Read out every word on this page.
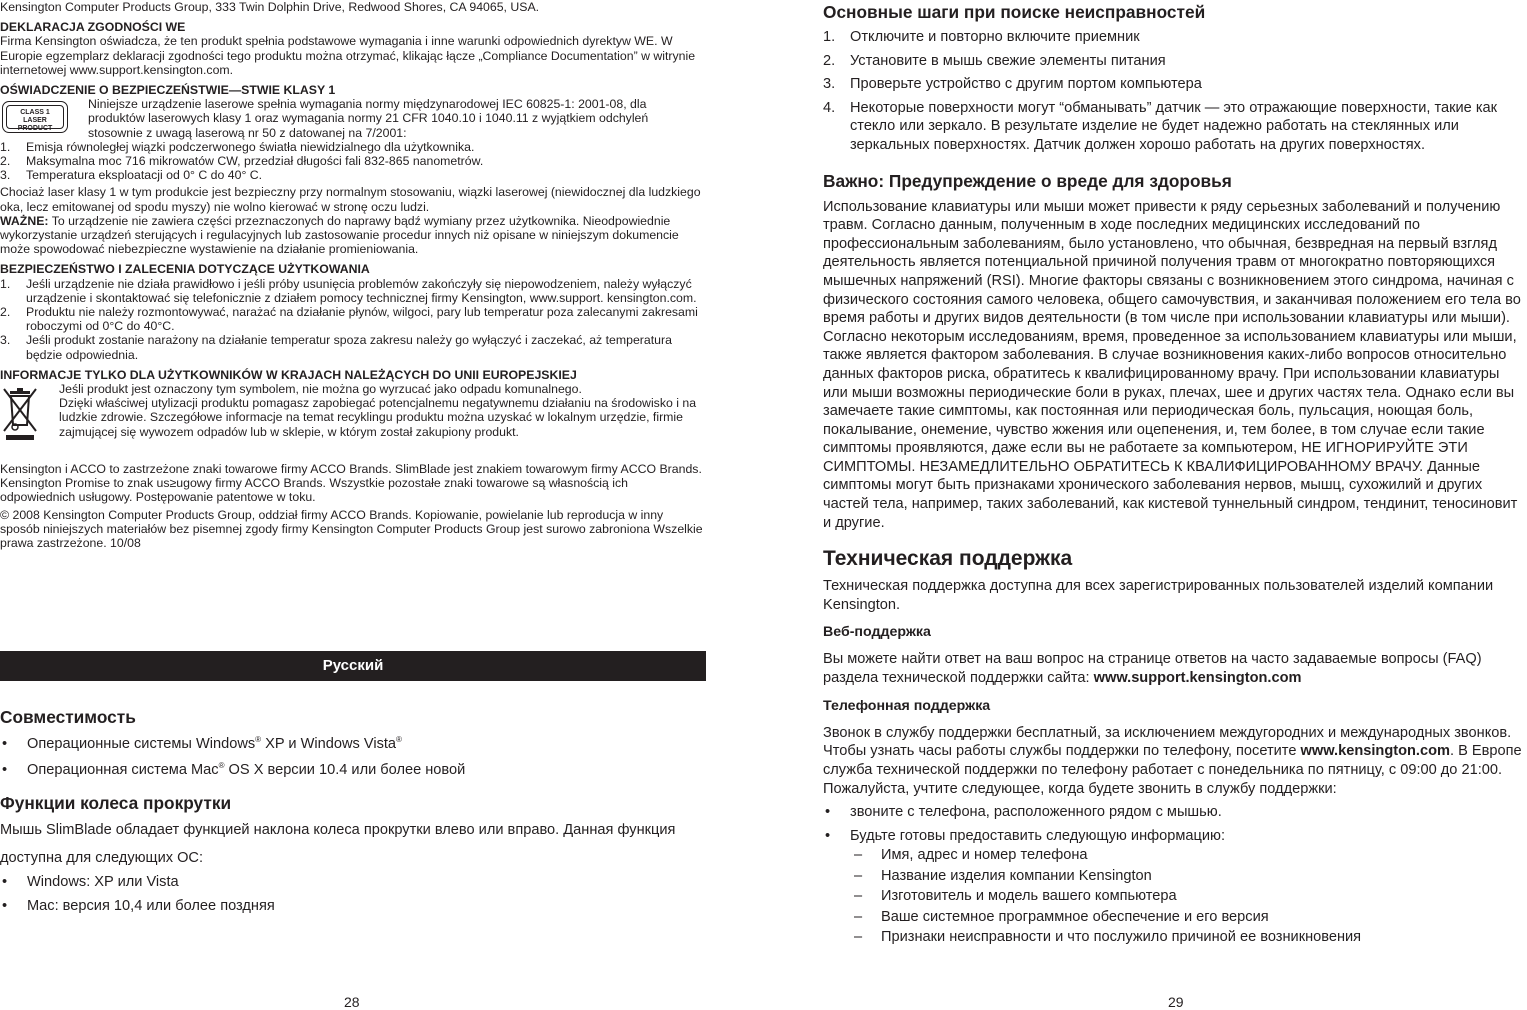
Kensington Computer Products Group, 333 Twin Dolphin Drive, Redwood Shores, CA 94065, USA.

DEKLARACJA ZGODNOŚCI WE

Firma Kensington oświadcza, że ten produkt spełnia podstawowe wymagania i inne warunki odpowiednich dyrektyw WE. W Europie egzemplarz deklaracji zgodności tego produktu można otrzymać, klikając łącze „Compliance Documentation” w witrynie internetowej www.support.kensington.com.

OŚWIADCZENIE O BEZPIECZEŃSTWIE—STWIE KLASY 1

CLASS 1
LASER PRODUCT

Niniejsze urządzenie laserowe spełnia wymagania normy międzynarodowej IEC 60825-1: 2001-08, dla produktów laserowych klasy 1 oraz wymagania normy 21 CFR 1040.10 i 1040.11 z wyjątkiem odchyleń stosownie z uwagą laserową nr 50 z datowanej na 7/2001:

1. Emisja równoległej wiązki podczerwonego światła niewidzialnego dla użytkownika.
2. Maksymalna moc 716 mikrowatów CW, przedział długości fali 832-865 nanometrów.
3. Temperatura eksploatacji od 0° C do 40° C.

Chociaż laser klasy 1 w tym produkcie jest bezpieczny przy normalnym stosowaniu, wiązki laserowej (niewidocznej dla ludzkiego oka, lecz emitowanej od spodu myszy) nie wolno kierować w stronę oczu ludzi.

WAŻNE: To urządzenie nie zawiera części przeznaczonych do naprawy bądź wymiany przez użytkownika. Nieodpowiednie wykorzystanie urządzeń sterujących i regulacyjnych lub zastosowanie procedur innych niż opisane w niniejszym dokumencie może spowodować niebezpieczne wystawienie na działanie promieniowania.

BEZPIECZEŃSTWO I ZALECENIA DOTYCZĄCE UŻYTKOWANIA

1. Jeśli urządzenie nie działa prawidłowo i jeśli próby usunięcia problemów zakończyły się niepowodzeniem, należy wyłączyć urządzenie i skontaktować się telefonicznie z działem pomocy technicznej firmy Kensington, www.support. kensington.com.
2. Produktu nie należy rozmontowywać, narażać na działanie płynów, wilgoci, pary lub temperatur poza zalecanymi zakresami roboczymi od 0°C do 40°C.
3. Jeśli produkt zostanie narażony na działanie temperatur spoza zakresu należy go wyłączyć i zaczekać, aż temperatura będzie odpowiednia.

INFORMACJE TYLKO DLA UŻYTKOWNIKÓW W KRAJACH NALEŻĄCYCH DO UNII EUROPEJSKIEJ

Jeśli produkt jest oznaczony tym symbolem, nie można go wyrzucać jako odpadu komunalnego.

Dzięki właściwej utylizacji produktu pomagasz zapobiegać potencjalnemu negatywnemu działaniu na środowisko i na ludzkie zdrowie. Szczegółowe informacje na temat recyklingu produktu można uzyskać w lokalnym urzędzie, firmie zajmującej się wywozem odpadów lub w sklepie, w którym został zakupiony produkt.

Kensington i ACCO to zastrzeżone znaki towarowe firmy ACCO Brands. SlimBlade jest znakiem towarowym firmy ACCO Brands. Kensington Promise to znak us≥ugowy firmy ACCO Brands. Wszystkie pozostałe znaki towarowe są własnością ich odpowiednich usługowy. Postępowanie patentowe w toku.

© 2008 Kensington Computer Products Group, oddział firmy ACCO Brands. Kopiowanie, powielanie lub reproducja w inny sposób niniejszych materiałów bez pisemnej zgody firmy Kensington Computer Products Group jest surowo zabroniona Wszelkie prawa zastrzeżone. 10/08

Русский

Совместимость

• Операционные системы Windows® XP и Windows Vista®
• Операционная система Mac® OS X версии 10.4 или более новой

Функции колеса прокрутки

Мышь SlimBlade обладает функцией наклона колеса прокрутки влево или вправо. Данная функция

доступна для следующих ОС:

• Windows: XP или Vista
• Mac: версия 10,4 или более поздняя
28

Основные шаги при поиске неисправностей

1. Отключите и повторно включите приемник
2. Установите в мышь свежие элементы питания
3. Проверьте устройство с другим портом компьютера
4. Некоторые поверхности могут “обманывать” датчик — это отражающие поверхности, такие как стекло или зеркало. В результате изделие не будет надежно работать на стеклянных или зеркальных поверхностях. Датчик должен хорошо работать на других поверхностях.

Важно: Предупреждение о вреде для здоровья

Использование клавиатуры или мыши может привести к ряду серьезных заболеваний и получению травм. Согласно данным, полученным в ходе последних медицинских исследований по профессиональным заболеваниям, было установлено, что обычная, безвредная на первый взгляд деятельность является потенциальной причиной получения травм от многократно повторяющихся мышечных напряжений (RSI). Многие факторы связаны с возникновением этого синдрома, начиная с физического состояния самого человека, общего самочувствия, и заканчивая положением его тела во время работы и других видов деятельности (в том числе при использовании клавиатуры или мыши). Согласно некоторым исследованиям, время, проведенное за использованием клавиатуры или мыши, также является фактором заболевания. В случае возникновения каких-либо вопросов относительно данных факторов риска, обратитесь к квалифицированному врачу. При использовании клавиатуры или мыши возможны периодические боли в руках, плечах, шее и других частях тела. Однако если вы замечаете такие симптомы, как постоянная или периодическая боль, пульсация, ноющая боль, покалывание, онемение, чувство жжения или оцепенения, и, тем более, в том случае если такие симптомы проявляются, даже если вы не работаете за компьютером, НЕ ИГНОРИРУЙТЕ ЭТИ СИМПТОМЫ. НЕЗАМЕДЛИТЕЛЬНО ОБРАТИТЕСЬ К КВАЛИФИЦИРОВАННОМУ ВРАЧУ. Данные симптомы могут быть признаками хронического заболевания нервов, мышц, сухожилий и других частей тела, например, таких заболеваний, как кистевой туннельный синдром, тендинит, теносиновит и другие.

Техническая поддержка

Техническая поддержка доступна для всех зарегистрированных пользователей изделий компании Kensington.

Веб-поддержка

Вы можете найти ответ на ваш вопрос на странице ответов на часто задаваемые вопросы (FAQ) раздела технической поддержки сайта: www.support.kensington.com

Телефонная поддержка

Звонок в службу поддержки бесплатный, за исключением междугородних и международных звонков. Чтобы узнать часы работы службы поддержки по телефону, посетите www.kensington.com. В Европе служба технической поддержки по телефону работает с понедельника по пятницу, с 09:00 до 21:00.

Пожалуйста, учтите следующее, когда будете звонить в службу поддержки:

• звоните с телефона, расположенного рядом с мышью.
• Будьте готовы предоставить следующую информацию:
– Имя, адрес и номер телефона
– Название изделия компании Kensington
– Изготовитель и модель вашего компьютера
– Ваше системное программное обеспечение и его версия
– Признаки неисправности и что послужило причиной ее возникновения
29
